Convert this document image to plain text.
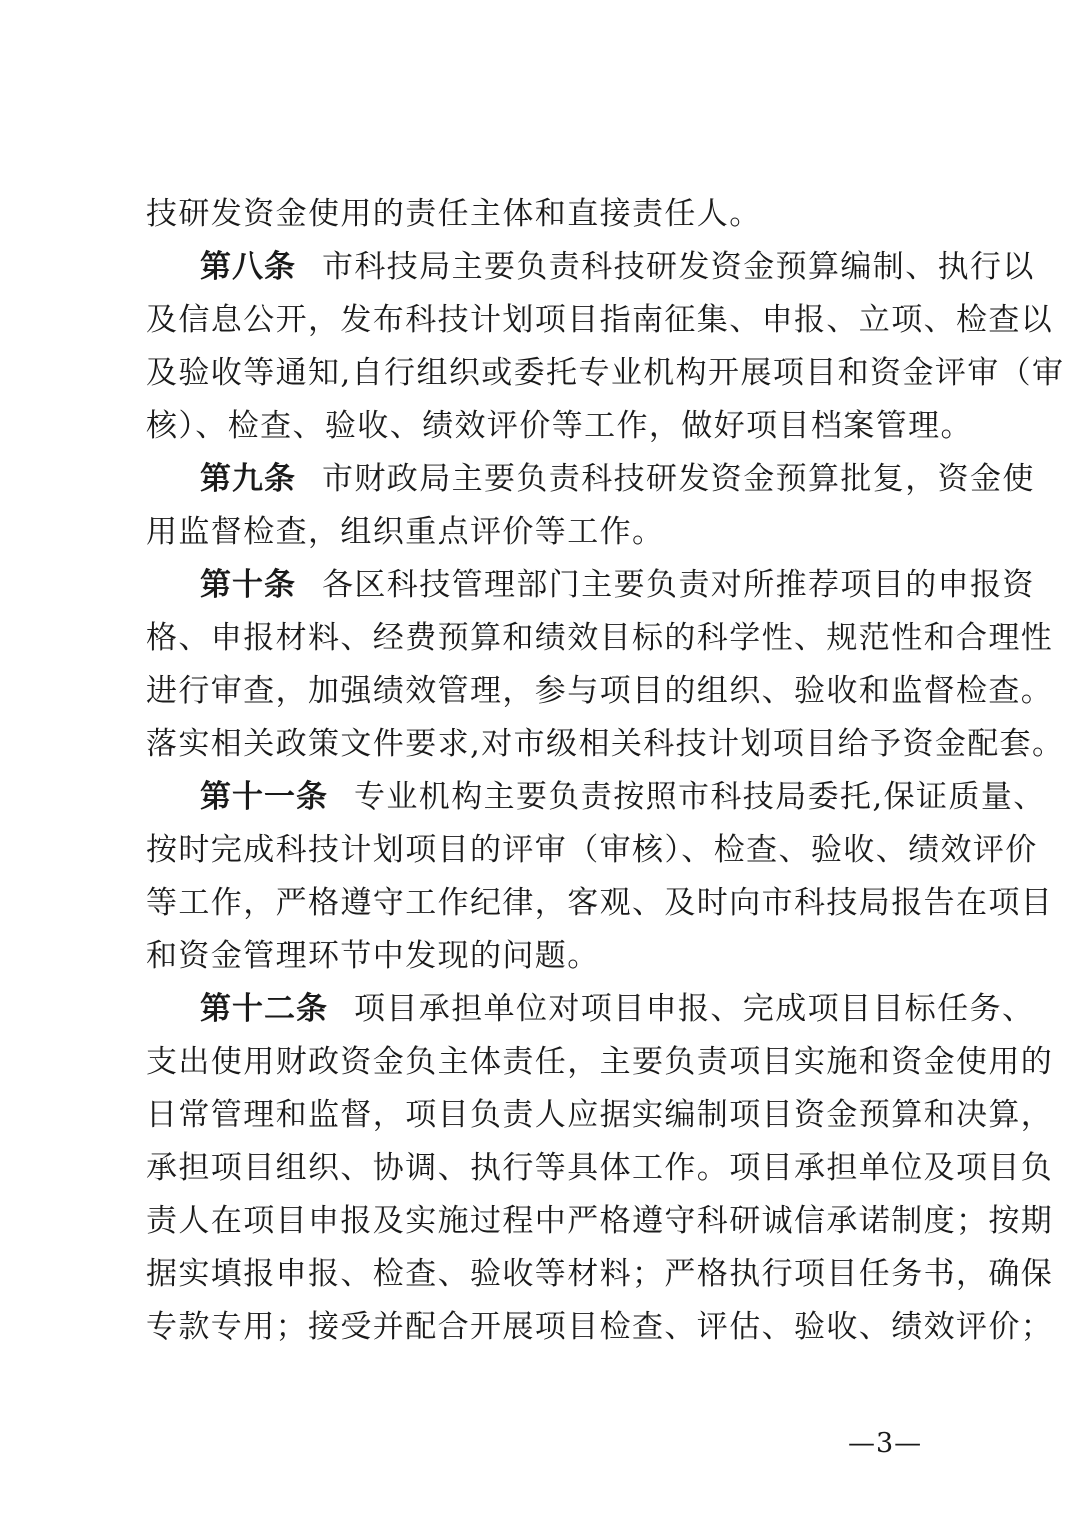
技研发资金使用的责任主体和直接责任人。
第八条 市科技局主要负责科技研发资金预算编制、执行以
及信息公开，发布科技计划项目指南征集、申报、立项、检查以
及验收等通知,自行组织或委托专业机构开展项目和资金评审（审
核）、检查、验收、绩效评价等工作，做好项目档案管理。
第九条 市财政局主要负责科技研发资金预算批复，资金使
用监督检查，组织重点评价等工作。
第十条 各区科技管理部门主要负责对所推荐项目的申报资
格、申报材料、经费预算和绩效目标的科学性、规范性和合理性
进行审查，加强绩效管理，参与项目的组织、验收和监督检查。
落实相关政策文件要求,对市级相关科技计划项目给予资金配套。
第十一条 专业机构主要负责按照市科技局委托,保证质量、
按时完成科技计划项目的评审（审核）、检查、验收、绩效评价
等工作，严格遵守工作纪律，客观、及时向市科技局报告在项目
和资金管理环节中发现的问题。
第十二条 项目承担单位对项目申报、完成项目目标任务、
支出使用财政资金负主体责任，主要负责项目实施和资金使用的
日常管理和监督，项目负责人应据实编制项目资金预算和决算，
承担项目组织、协调、执行等具体工作。项目承担单位及项目负
责人在项目申报及实施过程中严格遵守科研诚信承诺制度；按期
据实填报申报、检查、验收等材料；严格执行项目任务书，确保
专款专用；接受并配合开展项目检查、评估、验收、绩效评价；
—3—
